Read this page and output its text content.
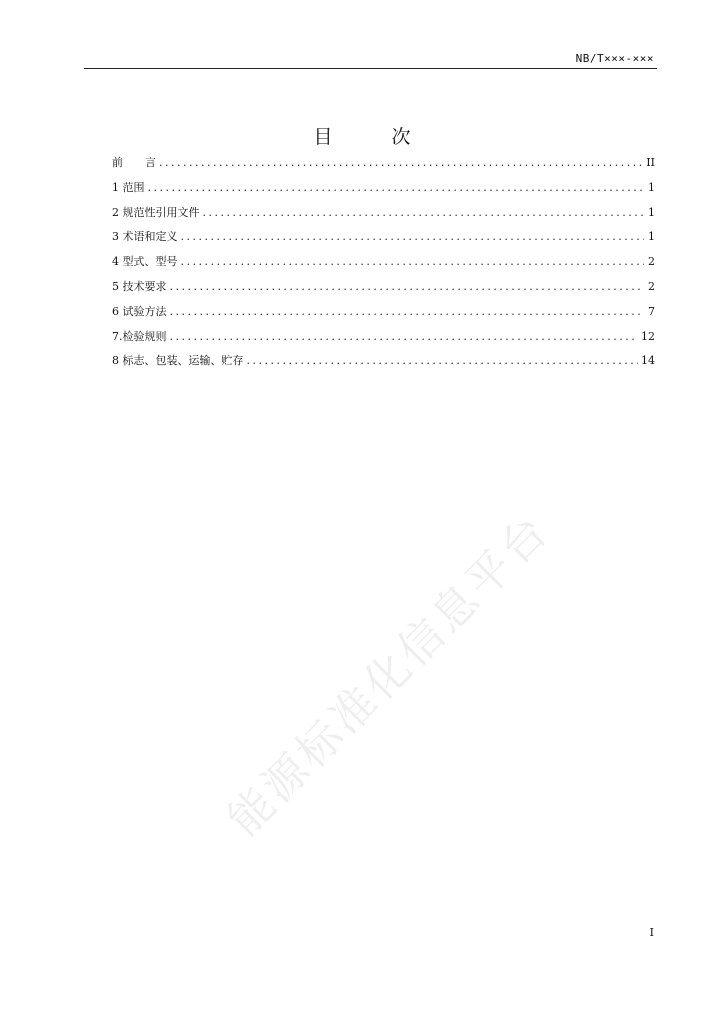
NB/T×××-×××
目　次
前　　言 .....	II
1 范围 .....	1
2 规范性引用文件 .....	1
3 术语和定义 .....	1
4 型式、型号 .....	2
5 技术要求 .....	2
6 试验方法 .....	7
7.检验规则 .....	12
8 标志、包装、运输、贮存 .....	14
能源标准化信息平台
I
